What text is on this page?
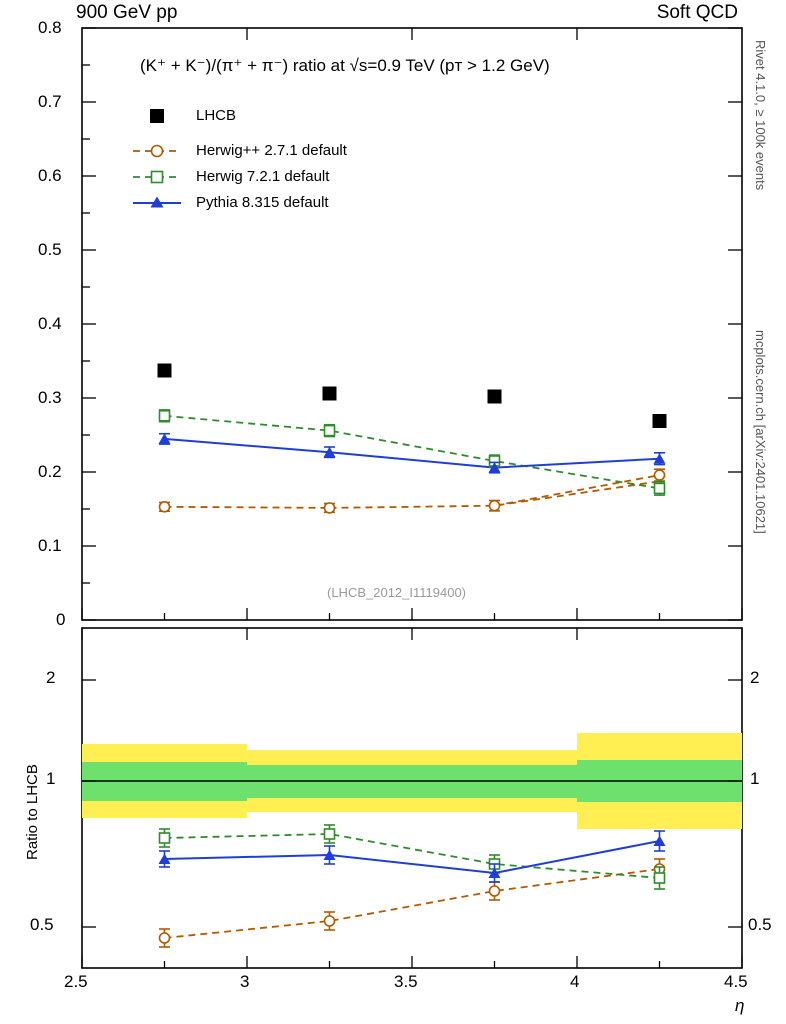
900 GeV pp	Soft QCD
Rivet 4.1.0, ≥ 100k events
mcplots.cern.ch [arXiv:2401.10621]
0
0.1
0.2
0.3
0.4
0.5
0.6
0.7
0.8
2
1
0.5
2
1
0.5
2.5	3	3.5	4	4.5
η
Ratio to LHCB
(K⁺ + K⁻)/(π⁺ + π⁻) ratio at √s=0.9 TeV (pᴛ > 1.2 GeV)
(LHCB_2012_I1119400)
LHCB
Herwig++ 2.7.1 default
Herwig 7.2.1 default
Pythia 8.315 default
